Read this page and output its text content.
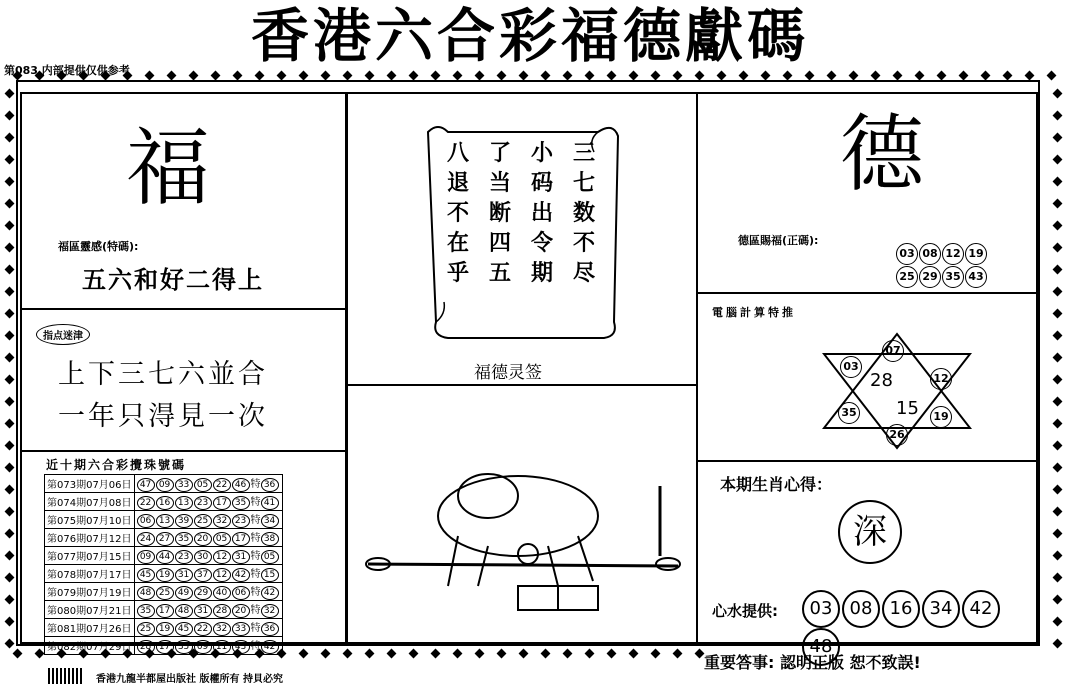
香港六合彩福德獻碼
第083 内部提供仅供参考
福
福區靈感(特碼):
五六和好二得上
指点迷津
上下三七六並合
一年只淂見一次
近十期六合彩攪珠號碼
第073期07月06日	47 09 33 05 22 46 特 36
第074期07月08日	22 16 13 23 17 35 特 41
第075期07月10日	06 13 39 25 32 23 特 34
第076期07月12日	24 27 35 20 05 17 特 38
第077期07月15日	09 44 23 30 12 31 特 05
第078期07月17日	45 19 31 37 12 42 特 15
第079期07月19日	48 25 49 29 40 06 特 42
第080期07月21日	35 17 48 31 28 20 特 32
第081期07月26日	25 19 45 22 32 33 特 36
第082期07月29日	28 17 35 09 11 43 特 42
三
七
数
不
尽
小
码
出
令
期
了
当
断
四
五
八
退
不
在
乎
福德灵签
德
德區賜福(正碼):
03 08 12 1925 29 35 43
電腦計算特推
07
03
12
35	19
26
28
15
本期生肖心得：
深
心水提供:	03 08 16 34 4248
香港九龍半都屋出版社 版權所有 持貝必究
重要答事: 認明正版 恕不致誤!
